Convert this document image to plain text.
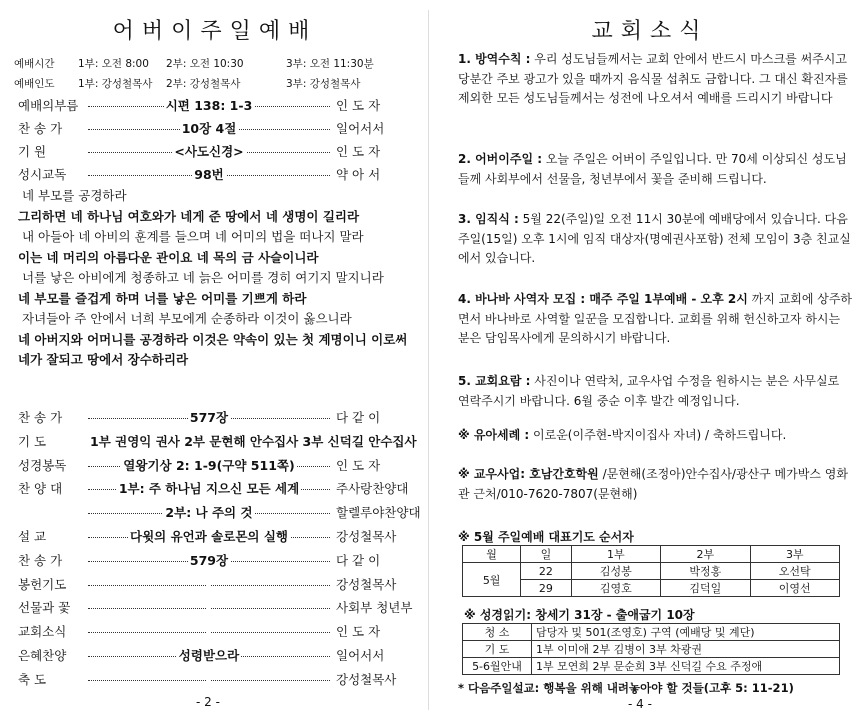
어버이주일예배
예배시간	1부: 오전 8:00	2부: 오전 10:30	3부: 오전 11:30분
예배인도	1부: 강성철목사	2부: 강성철목사	3부: 강성철목사
예배의부름	시편 138: 1-3	인 도 자
찬 송 가	10장 4절	일어서서
기 원	<사도신경>	인 도 자
성시교독	98번	약 아 서
네 부모를 공경하라
그리하면 네 하나님 여호와가 네게 준 땅에서 네 생명이 길리라
내 아들아 네 아비의 훈계를 들으며 네 어미의 법을 떠나지 말라
이는 네 머리의 아름다운 관이요 네 목의 금 사슬이니라
너를 낳은 아비에게 청종하고 네 늙은 어미를 경히 여기지 말지니라
네 부모를 즐겁게 하며 너를 낳은 어미를 기쁘게 하라
자녀들아 주 안에서 너희 부모에게 순종하라 이것이 옳으니라
네 아버지와 어머니를 공경하라 이것은 약속이 있는 첫 계명이니 이로써 네가 잘되고 땅에서 장수하리라
찬 송 가	577장	다 같 이
기 도	1부 권영익 권사 2부 문현해 안수집사 3부 신덕길 안수집사
성경봉독	열왕기상 2: 1-9(구약 511쪽)	인 도 자
찬 양 대	1부: 주 하나님 지으신 모든 세계	주사랑찬양대
2부: 나 주의 것	할렐루야찬양대
설 교	다윗의 유언과 솔로몬의 실행	강성철목사
찬 송 가	579장	다 같 이
봉헌기도	강성철목사
선물과 꽃	사회부 청년부
교회소식	인 도 자
은혜찬양	성령받으라	일어서서
축 도	강성철목사
- 2 -
교회소식
1. 방역수칙 : 우리 성도님들께서는 교회 안에서 반드시 마스크를 써주시고 당분간 주보 광고가 있을 때까지 음식물 섭취도 금합니다. 그 대신 확진자를 제외한 모든 성도님들께서는 성전에 나오셔서 예배를 드리시기 바랍니다
2. 어버이주일 : 오늘 주일은 어버이 주일입니다. 만 70세 이상되신 성도님들께 사회부에서 선물을, 청년부에서 꽃을 준비해 드립니다.
3. 임직식 : 5월 22(주일)일 오전 11시 30분에 예배당에서 있습니다. 다음 주일(15일) 오후 1시에 임직 대상자(명예권사포함) 전체 모임이 3층 친교실에서 있습니다.
4. 바나바 사역자 모집 : 매주 주일 1부예배 - 오후 2시 까지 교회에 상주하면서 바나바로 사역할 일꾼을 모집합니다. 교회를 위해 헌신하고자 하시는 분은 담임목사에게 문의하시기 바랍니다.
5. 교회요람 : 사진이나 연락처, 교우사업 수정을 원하시는 분은 사무실로 연락주시기 바랍니다. 6월 중순 이후 발간 예정입니다.
※ 유아세례 : 이로운(이주현-박지이집사 자녀) / 축하드립니다.
※ 교우사업: 호남간호학원 /문현해(조정아)안수집사/광산구 메가박스 영화관 근처/010-7620-7807(문현해)
※ 5월 주일예배 대표기도 순서자
월	일	1부	2부	3부
5월	22	김성봉	박정홍	오선탁
	29	김영호	김덕일	이영선
※ 성경읽기: 창세기 31장 - 출애굽기 10장
청 소	담당자 및 501(조영호) 구역 (예배당 및 계단)
기 도	1부 이미애 2부 김병이 3부 차광권
5-6월안내	1부 모연희 2부 문순희 3부 신덕길 수요 주정애
* 다음주일설교: 행복을 위해 내려놓아야 할 것들(고후 5: 11-21)
- 4 -
